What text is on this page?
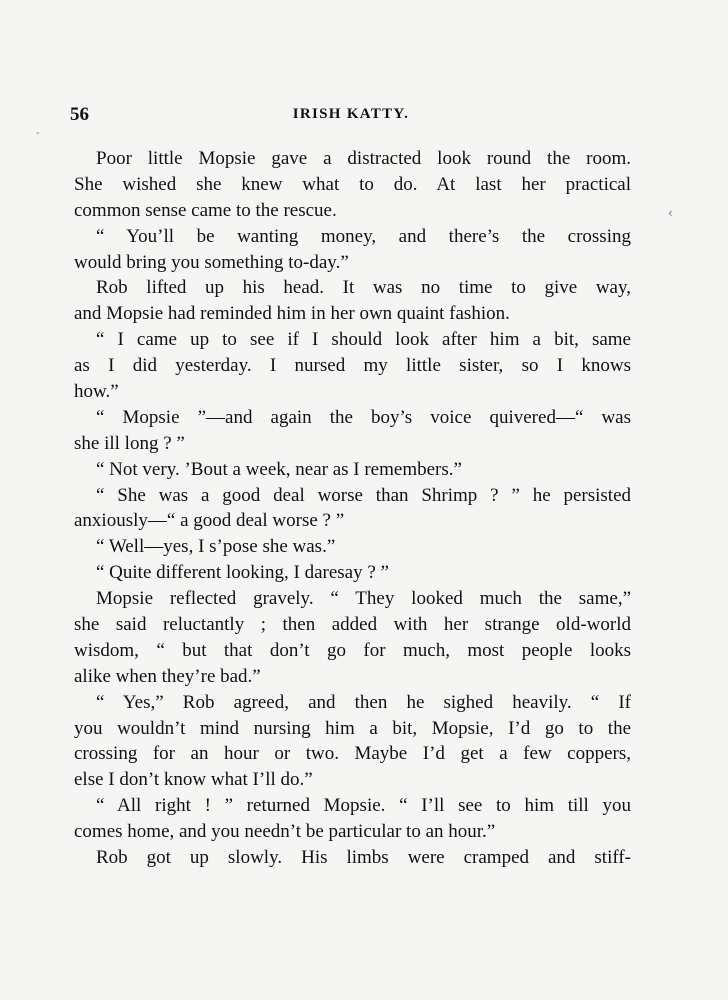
56	IRISH KATTY.
Poor little Mopsie gave a distracted look round the room.
She wished she knew what to do. At last her practical
common sense came to the rescue.
“ You’ll be wanting money, and there’s the crossing
would bring you something to-day.”
Rob lifted up his head. It was no time to give way,
and Mopsie had reminded him in her own quaint fashion.
“ I came up to see if I should look after him a bit, same
as I did yesterday. I nursed my little sister, so I knows
how.”
“ Mopsie ”—and again the boy’s voice quivered—“ was
she ill long ? ”
“ Not very. ’Bout a week, near as I remembers.”
“ She was a good deal worse than Shrimp ? ” he persisted
anxiously—“ a good deal worse ? ”
“ Well—yes, I s’pose she was.”
“ Quite different looking, I daresay ? ”
Mopsie reflected gravely. “ They looked much the same,”
she said reluctantly ; then added with her strange old-world
wisdom, “ but that don’t go for much, most people looks
alike when they’re bad.”
“ Yes,” Rob agreed, and then he sighed heavily. “ If
you wouldn’t mind nursing him a bit, Mopsie, I’d go to the
crossing for an hour or two. Maybe I’d get a few coppers,
else I don’t know what I’ll do.”
“ All right ! ” returned Mopsie. “ I’ll see to him till you
comes home, and you needn’t be particular to an hour.”
Rob got up slowly. His limbs were cramped and stiff-
-
‹
